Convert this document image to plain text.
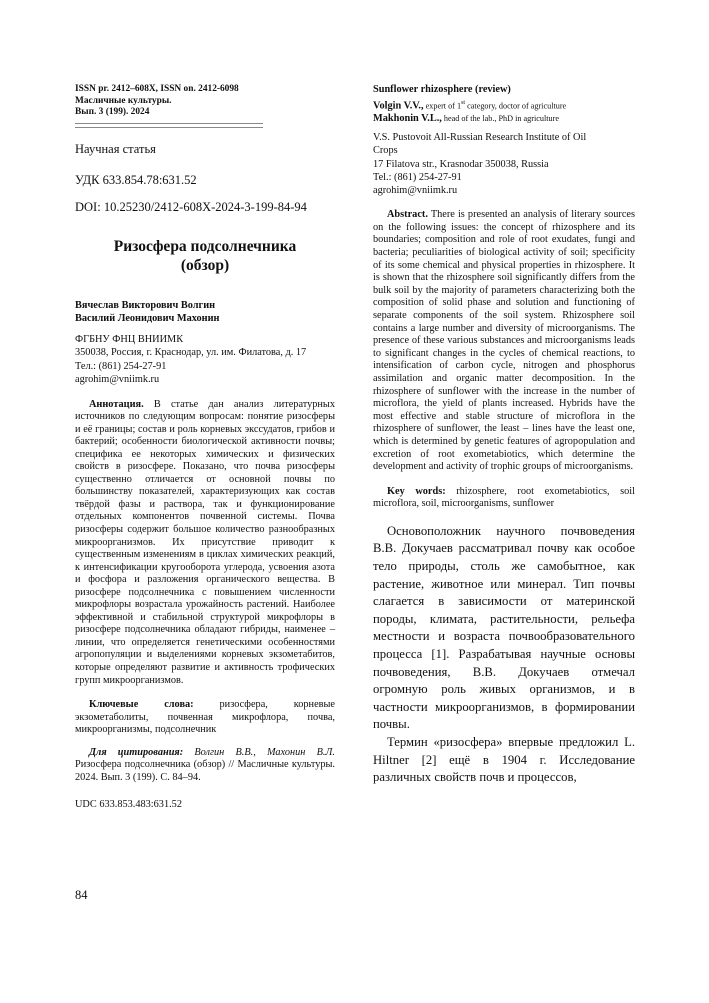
ISSN pr. 2412–608X, ISSN on. 2412-6098
Масличные культуры.
Вып. 3 (199). 2024
Научная статья
УДК 633.854.78:631.52
DOI: 10.25230/2412-608X-2024-3-199-84-94
Ризосфера подсолнечника
(обзор)
Вячеслав Викторович Волгин
Василий Леонидович Махонин
ФГБНУ ФНЦ ВНИИМК
350038, Россия, г. Краснодар, ул. им. Филатова, д. 17
Тел.: (861) 254-27-91
agrohim@vniimk.ru
Аннотация. В статье дан анализ литературных источников по следующим вопросам: понятие ризосферы и её границы; состав и роль корневых экссудатов, грибов и бактерий; особенности биологической активности почвы; специфика ее некоторых химических и физических свойств в ризосфере. Показано, что почва ризосферы существенно отличается от основной почвы по большинству показателей, характеризующих как состав твёрдой фазы и раствора, так и функционирование отдельных компонентов почвенной системы. Почва ризосферы содержит большое количество разнообразных микроорганизмов. Их присутствие приводит к существенным изменениям в циклах химических реакций, к интенсификации кругооборота углерода, усвоения азота и фосфора и разложения органического вещества. В ризосфере подсолнечника с повышением численности микрофлоры возрастала урожайность растений. Наиболее эффективной и стабильной структурой микрофлоры в ризосфере подсолнечника обладают гибриды, наименее – линии, что определяется генетическими особенностями агропопуляции и выделениями корневых экзометабитов, которые определяют развитие и активность трофических групп микроорганизмов.
Ключевые слова: ризосфера, корневые экзометаболиты, почвенная микрофлора, почва, микроорганизмы, подсолнечник
Для цитирования: Волгин В.В., Махонин В.Л. Ризосфера подсолнечника (обзор) // Масличные культуры. 2024. Вып. 3 (199). С. 84–94.
UDC 633.853.483:631.52
84
Sunflower rhizosphere (review)
Volgin V.V., expert of 1st category, doctor of agriculture
Makhonin V.L., head of the lab., PhD in agriculture
V.S. Pustovoit All-Russian Research Institute of Oil
Crops
17 Filatova str., Krasnodar 350038, Russia
Tel.: (861) 254-27-91
agrohim@vniimk.ru
Abstract. There is presented an analysis of literary sources on the following issues: the concept of rhizosphere and its boundaries; composition and role of root exudates, fungi and bacteria; peculiarities of biological activity of soil; specificity of its some chemical and physical properties in rhizosphere. It is shown that the rhizosphere soil significantly differs from the bulk soil by the majority of parameters characterizing both the composition of solid phase and solution and functioning of separate components of the soil system. Rhizosphere soil contains a large number and diversity of microorganisms. The presence of these various substances and microorganisms leads to significant changes in the cycles of chemical reactions, to intensification of carbon cycle, nitrogen and phosphorus assimilation and organic matter decomposition. In the rhizosphere of sunflower with the increase in the number of microflora, the yield of plants increased. Hybrids have the most effective and stable structure of microflora in the rhizosphere of sunflower, the least – lines have the least one, which is determined by genetic features of agropopulation and excretion of root exometabiotics, which determine the development and activity of trophic groups of microorganisms.
Key words: rhizosphere, root exometabiotics, soil microflora, soil, microorganisms, sunflower
Основоположник научного почвоведения В.В. Докучаев рассматривал почву как особое тело природы, столь же самобытное, как растение, животное или минерал. Тип почвы слагается в зависимости от материнской породы, климата, растительности, рельефа местности и возраста почвообразовательного процесса [1]. Разрабатывая научные основы почвоведения, В.В. Докучаев отмечал огромную роль живых организмов, и в частности микроорганизмов, в формировании почвы.
Термин «ризосфера» впервые предложил L. Hiltner [2] ещё в 1904 г. Исследование различных свойств почв и процессов,
